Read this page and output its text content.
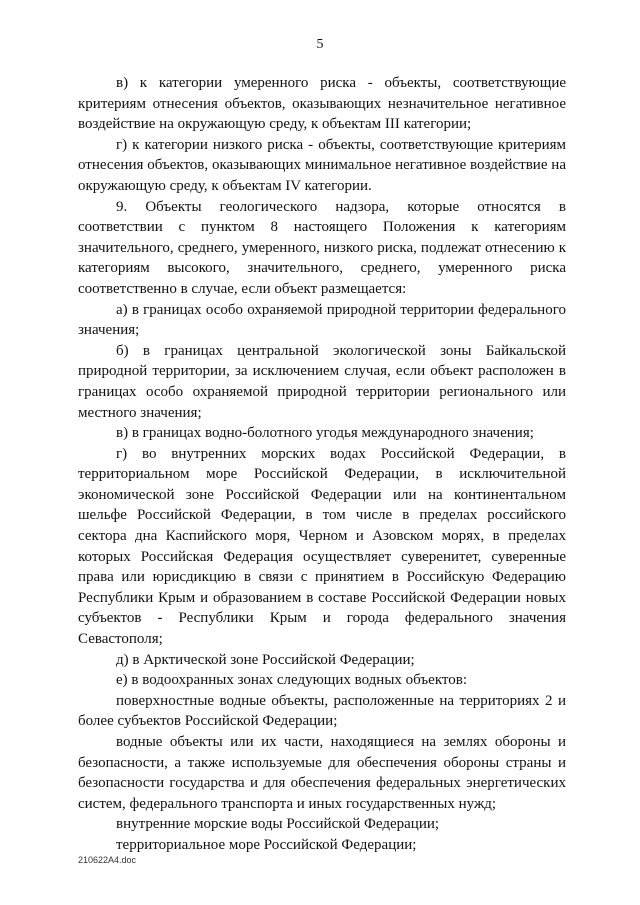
5

в) к категории умеренного риска - объекты, соответствующие критериям отнесения объектов, оказывающих незначительное негативное воздействие на окружающую среду, к объектам III категории;

г) к категории низкого риска - объекты, соответствующие критериям отнесения объектов, оказывающих минимальное негативное воздействие на окружающую среду, к объектам IV категории.

9. Объекты геологического надзора, которые относятся в соответствии с пунктом 8 настоящего Положения к категориям значительного, среднего, умеренного, низкого риска, подлежат отнесению к категориям высокого, значительного, среднего, умеренного риска соответственно в случае, если объект размещается:

а) в границах особо охраняемой природной территории федерального значения;

б) в границах центральной экологической зоны Байкальской природной территории, за исключением случая, если объект расположен в границах особо охраняемой природной территории регионального или местного значения;

в) в границах водно-болотного угодья международного значения;

г) во внутренних морских водах Российской Федерации, в территориальном море Российской Федерации, в исключительной экономической зоне Российской Федерации или на континентальном шельфе Российской Федерации, в том числе в пределах российского сектора дна Каспийского моря, Черном и Азовском морях, в пределах которых Российская Федерация осуществляет суверенитет, суверенные права или юрисдикцию в связи с принятием в Российскую Федерацию Республики Крым и образованием в составе Российской Федерации новых субъектов - Республики Крым и города федерального значения Севастополя;

д) в Арктической зоне Российской Федерации;

е) в водоохранных зонах следующих водных объектов:

поверхностные водные объекты, расположенные на территориях 2 и более субъектов Российской Федерации;

водные объекты или их части, находящиеся на землях обороны и безопасности, а также используемые для обеспечения обороны страны и безопасности государства и для обеспечения федеральных энергетических систем, федерального транспорта и иных государственных нужд;

внутренние морские воды Российской Федерации;

территориальное море Российской Федерации;

210622A4.doc
